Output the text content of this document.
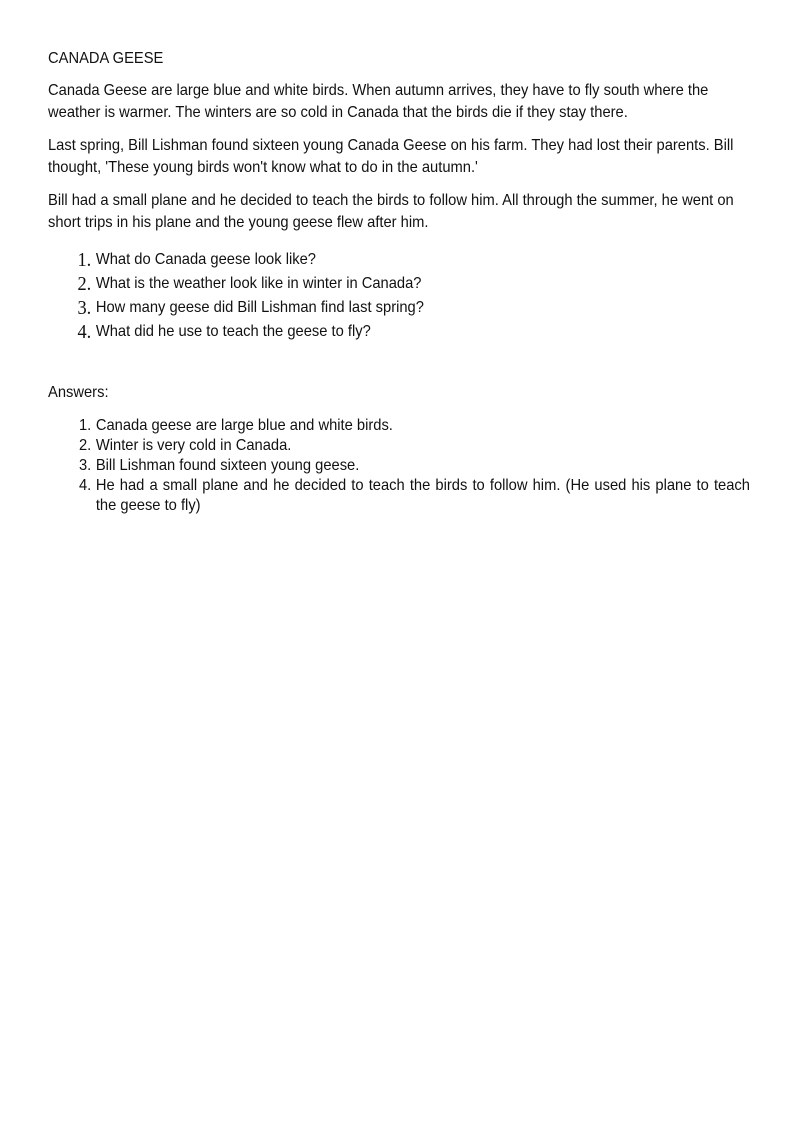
CANADA GEESE

Canada Geese are large blue and white birds. When autumn arrives, they have to fly south where the weather is warmer. The winters are so cold in Canada that the birds die if they stay there.

Last spring, Bill Lishman found sixteen young Canada Geese on his farm. They had lost their parents. Bill thought, 'These young birds won't know what to do in the autumn.'

Bill had a small plane and he decided to teach the birds to follow him. All through the summer, he went on short trips in his plane and the young geese flew after him.

1. What do Canada geese look like?
2. What is the weather look like in winter in Canada?
3. How many geese did Bill Lishman find last spring?
4. What did he use to teach the geese to fly?

Answers:

1. Canada geese are large blue and white birds.
2. Winter is very cold in Canada.
3. Bill Lishman found sixteen young geese.
4. He had a small plane and he decided to teach the birds to follow him. (He used his plane to teach the geese to fly)
